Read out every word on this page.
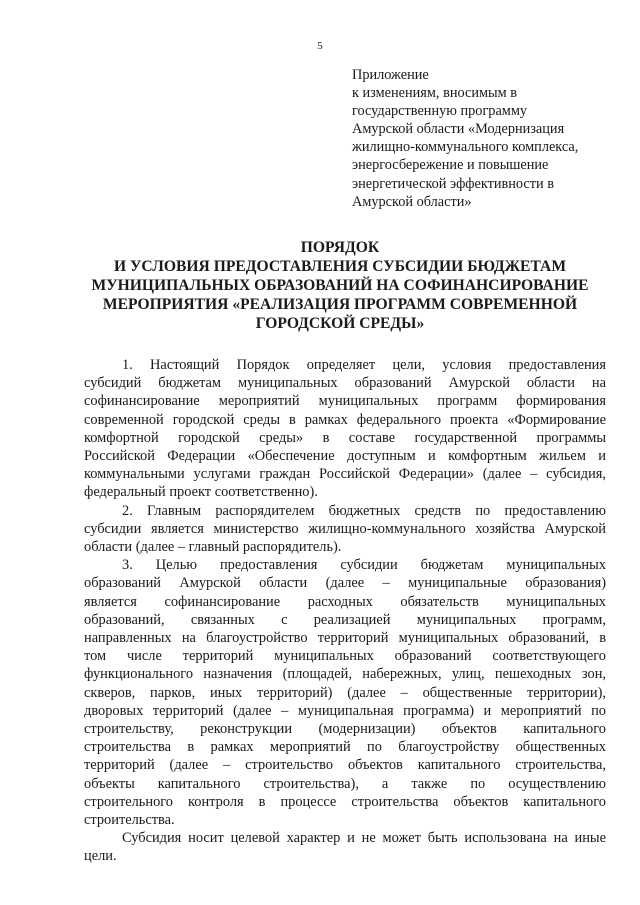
5
Приложение
к изменениям, вносимым в
государственную программу
Амурской области «Модернизация
жилищно-коммунального комплекса,
энергосбережение и повышение
энергетической эффективности в
Амурской области»
ПОРЯДОК
И УСЛОВИЯ ПРЕДОСТАВЛЕНИЯ СУБСИДИИ БЮДЖЕТАМ
МУНИЦИПАЛЬНЫХ ОБРАЗОВАНИЙ НА СОФИНАНСИРОВАНИЕ
МЕРОПРИЯТИЯ «РЕАЛИЗАЦИЯ ПРОГРАММ СОВРЕМЕННОЙ
ГОРОДСКОЙ СРЕДЫ»
1. Настоящий Порядок определяет цели, условия предоставления
субсидий бюджетам муниципальных образований Амурской области на
софинансирование мероприятий муниципальных программ формирования
современной городской среды в рамках федерального проекта «Формирование
комфортной городской среды» в составе государственной программы
Российской Федерации «Обеспечение доступным и комфортным жильем и
коммунальными услугами граждан Российской Федерации» (далее – субсидия,
федеральный проект соответственно).
2. Главным распорядителем бюджетных средств по предоставлению
субсидии является министерство жилищно-коммунального хозяйства Амурской
области (далее – главный распорядитель).
3. Целью предоставления субсидии бюджетам муниципальных
образований Амурской области (далее – муниципальные образования)
является софинансирование расходных обязательств муниципальных
образований, связанных с реализацией муниципальных программ,
направленных на благоустройство территорий муниципальных образований, в
том числе территорий муниципальных образований соответствующего
функционального назначения (площадей, набережных, улиц, пешеходных зон,
скверов, парков, иных территорий) (далее – общественные территории),
дворовых территорий (далее – муниципальная программа) и мероприятий по
строительству, реконструкции (модернизации) объектов капитального
строительства в рамках мероприятий по благоустройству общественных
территорий (далее – строительство объектов капитального строительства,
объекты капитального строительства), а также по осуществлению
строительного контроля в процессе строительства объектов капитального
строительства.
Субсидия носит целевой характер и не может быть использована на иные
цели.
